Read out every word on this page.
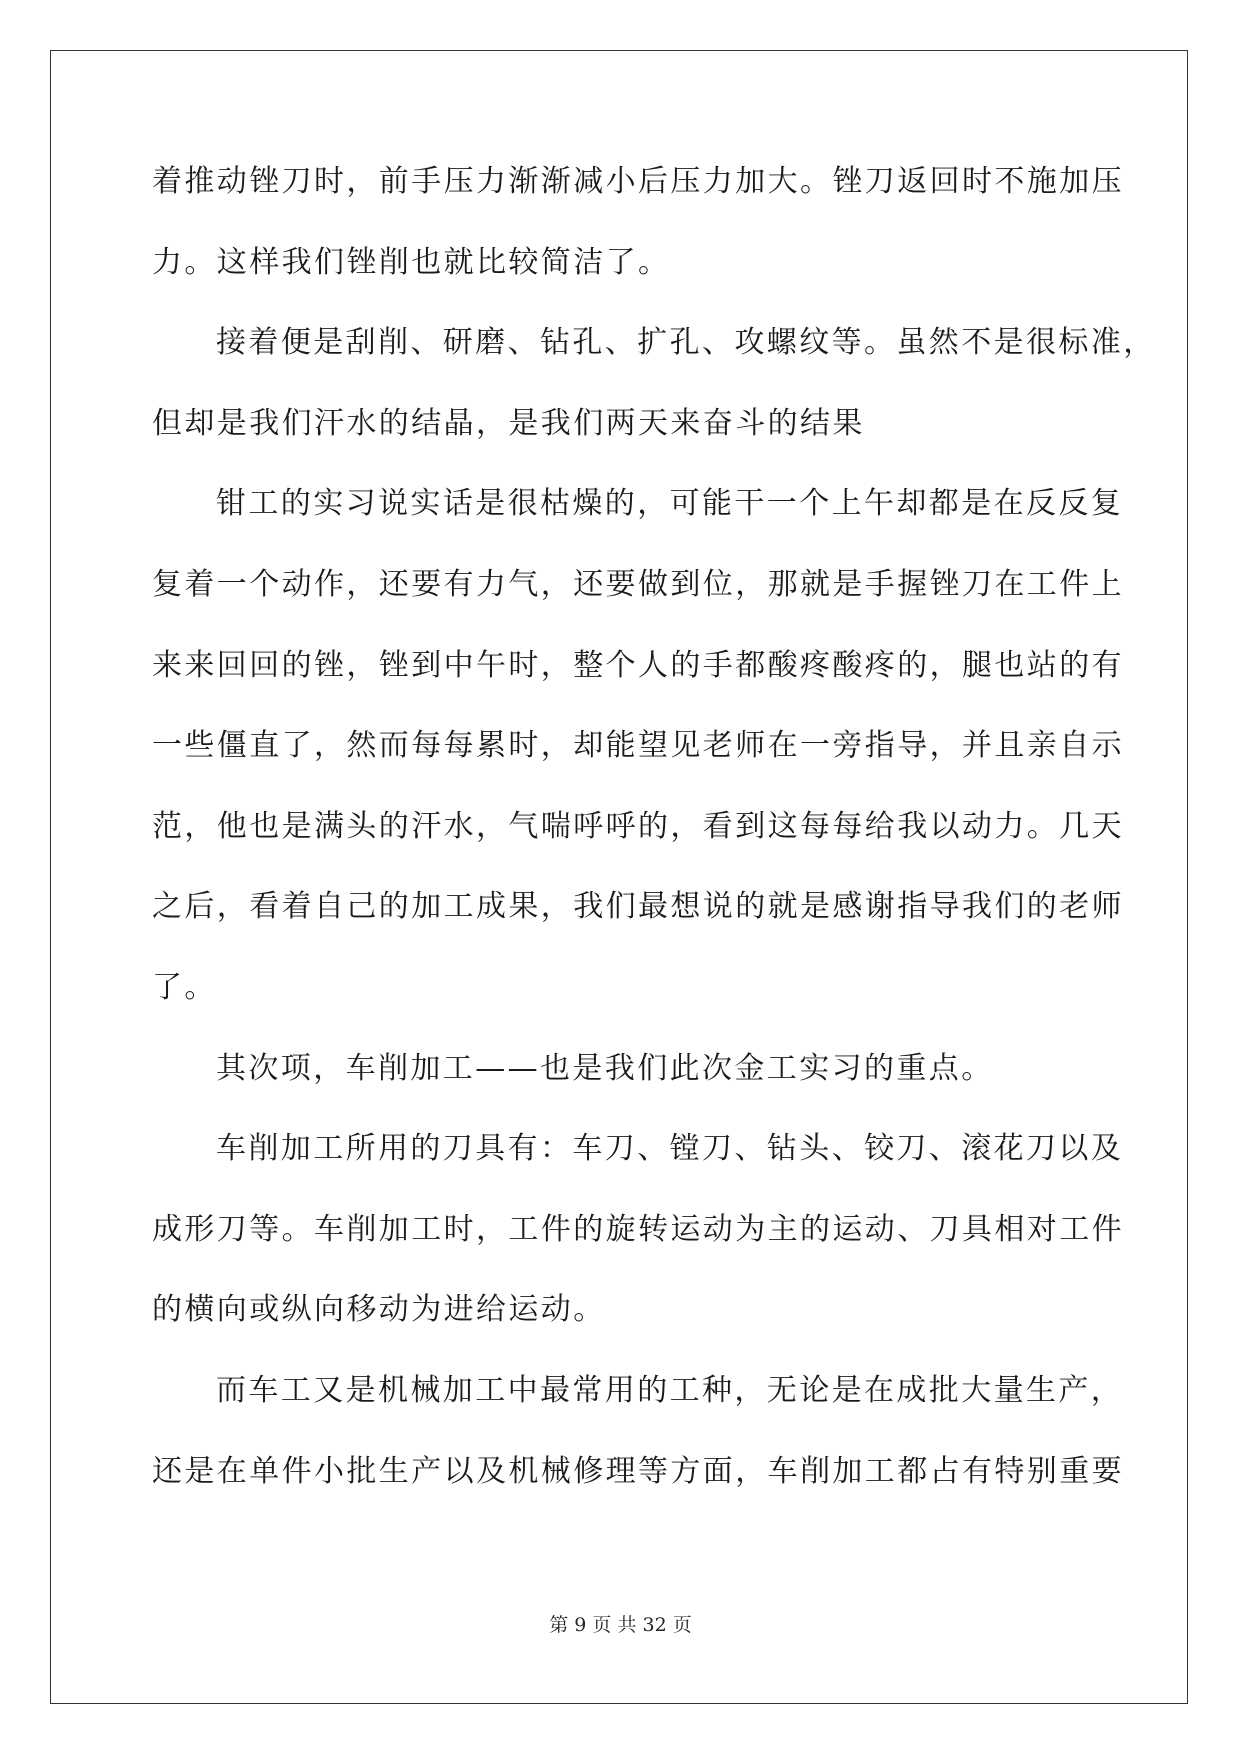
着推动锉刀时，前手压力渐渐减小后压力加大。锉刀返回时不施加压
力。这样我们锉削也就比较简洁了。
接着便是刮削、研磨、钻孔、扩孔、攻螺纹等。虽然不是很标准，
但却是我们汗水的结晶，是我们两天来奋斗的结果
钳工的实习说实话是很枯燥的，可能干一个上午却都是在反反复
复着一个动作，还要有力气，还要做到位，那就是手握锉刀在工件上
来来回回的锉，锉到中午时，整个人的手都酸疼酸疼的，腿也站的有
一些僵直了，然而每每累时，却能望见老师在一旁指导，并且亲自示
范，他也是满头的汗水，气喘呼呼的，看到这每每给我以动力。几天
之后，看着自己的加工成果，我们最想说的就是感谢指导我们的老师
了。
其次项，车削加工——也是我们此次金工实习的重点。
车削加工所用的刀具有：车刀、镗刀、钻头、铰刀、滚花刀以及
成形刀等。车削加工时，工件的旋转运动为主的运动、刀具相对工件
的横向或纵向移动为进给运动。
而车工又是机械加工中最常用的工种，无论是在成批大量生产，
还是在单件小批生产以及机械修理等方面，车削加工都占有特别重要
第 9 页 共 32 页
